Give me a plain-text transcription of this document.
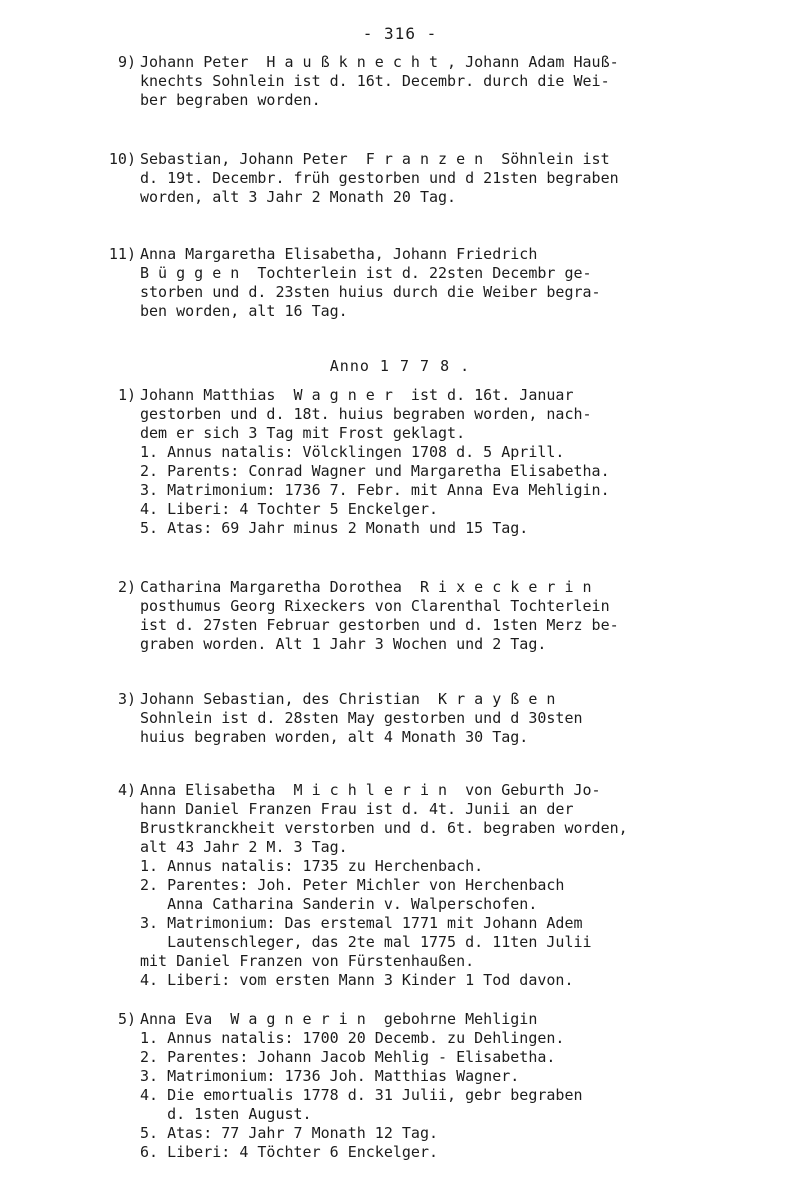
- 316 -
9) Johann Peter  H a u ß k n e c h t , Johann Adam Hauß-
knechts Sohnlein ist d. 16t. Decembr. durch die Wei-
ber begraben worden.
10) Sebastian, Johann Peter  F r a n z e n  Söhnlein ist
d. 19t. Decembr. früh gestorben und d 21sten begraben
worden, alt 3 Jahr 2 Monath 20 Tag.
11) Anna Margaretha Elisabetha, Johann Friedrich
B ü g g e n  Tochterlein ist d. 22sten Decembr ge-
storben und d. 23sten huius durch die Weiber begra-
ben worden, alt 16 Tag.
Anno 1 7 7 8 .
1) Johann Matthias  W a g n e r  ist d. 16t. Januar
gestorben und d. 18t. huius begraben worden, nach-
dem er sich 3 Tag mit Frost geklagt.
1. Annus natalis: Völcklingen 1708 d. 5 Aprill.
2. Parents: Conrad Wagner und Margaretha Elisabetha.
3. Matrimonium: 1736 7. Febr. mit Anna Eva Mehligin.
4. Liberi: 4 Tochter 5 Enckelger.
5. Atas: 69 Jahr minus 2 Monath und 15 Tag.
2) Catharina Margaretha Dorothea  R i x e c k e r i n
posthumus Georg Rixeckers von Clarenthal Tochterlein
ist d. 27sten Februar gestorben und d. 1sten Merz be-
graben worden. Alt 1 Jahr 3 Wochen und 2 Tag.
3) Johann Sebastian, des Christian  K r a y ß e n
Sohnlein ist d. 28sten May gestorben und d 30sten
huius begraben worden, alt 4 Monath 30 Tag.
4) Anna Elisabetha  M i c h l e r i n  von Geburth Jo-
hann Daniel Franzen Frau ist d. 4t. Junii an der
Brustkranckheit verstorben und d. 6t. begraben worden,
alt 43 Jahr 2 M. 3 Tag.
1. Annus natalis: 1735 zu Herchenbach.
2. Parentes: Joh. Peter Michler von Herchenbach
Anna Catharina Sanderin v. Walperschofen.
3. Matrimonium: Das erstemal 1771 mit Johann Adem
Lautenschleger, das 2te mal 1775 d. 11ten Julii
mit Daniel Franzen von Fürstenhaußen.
4. Liberi: vom ersten Mann 3 Kinder 1 Tod davon.
5) Anna Eva  W a g n e r i n  gebohrne Mehligin
1. Annus natalis: 1700 20 Decemb. zu Dehlingen.
2. Parentes: Johann Jacob Mehlig - Elisabetha.
3. Matrimonium: 1736 Joh. Matthias Wagner.
4. Die emortualis 1778 d. 31 Julii, gebr begraben
d. 1sten August.
5. Atas: 77 Jahr 7 Monath 12 Tag.
6. Liberi: 4 Töchter 6 Enckelger.
